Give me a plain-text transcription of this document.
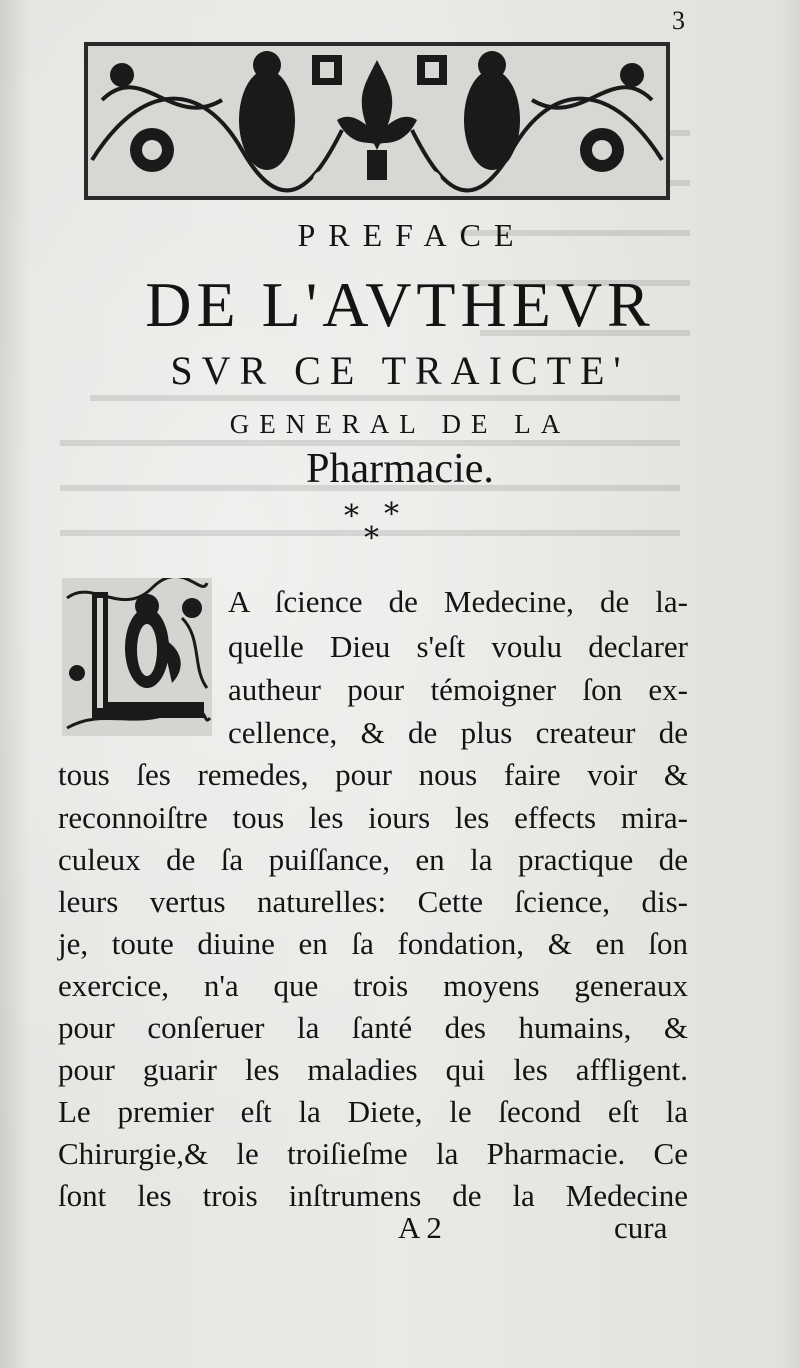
3
PREFACE
DE L'AVTHEVR
SVR CE TRAICTE'
GENERAL DE LA
Pharmacie.
* *
*
A ſcience de Medecine, de la-
quelle Dieu s'eſt voulu declarer
autheur pour témoigner ſon ex-
cellence, & de plus createur de
tous ſes remedes, pour nous faire voir &
reconnoiſtre tous les iours les effects mira-
culeux de ſa puiſſance, en la practique de
leurs vertus naturelles: Cette ſcience, dis-
je, toute diuine en ſa fondation, & en ſon
exercice, n'a que trois moyens generaux
pour conſeruer la ſanté des humains, &
pour guarir les maladies qui les affligent.
Le premier eſt la Diete, le ſecond eſt la
Chirurgie,& le troiſieſme la Pharmacie. Ce
ſont les trois inſtrumens de la Medecine
A 2	cura
